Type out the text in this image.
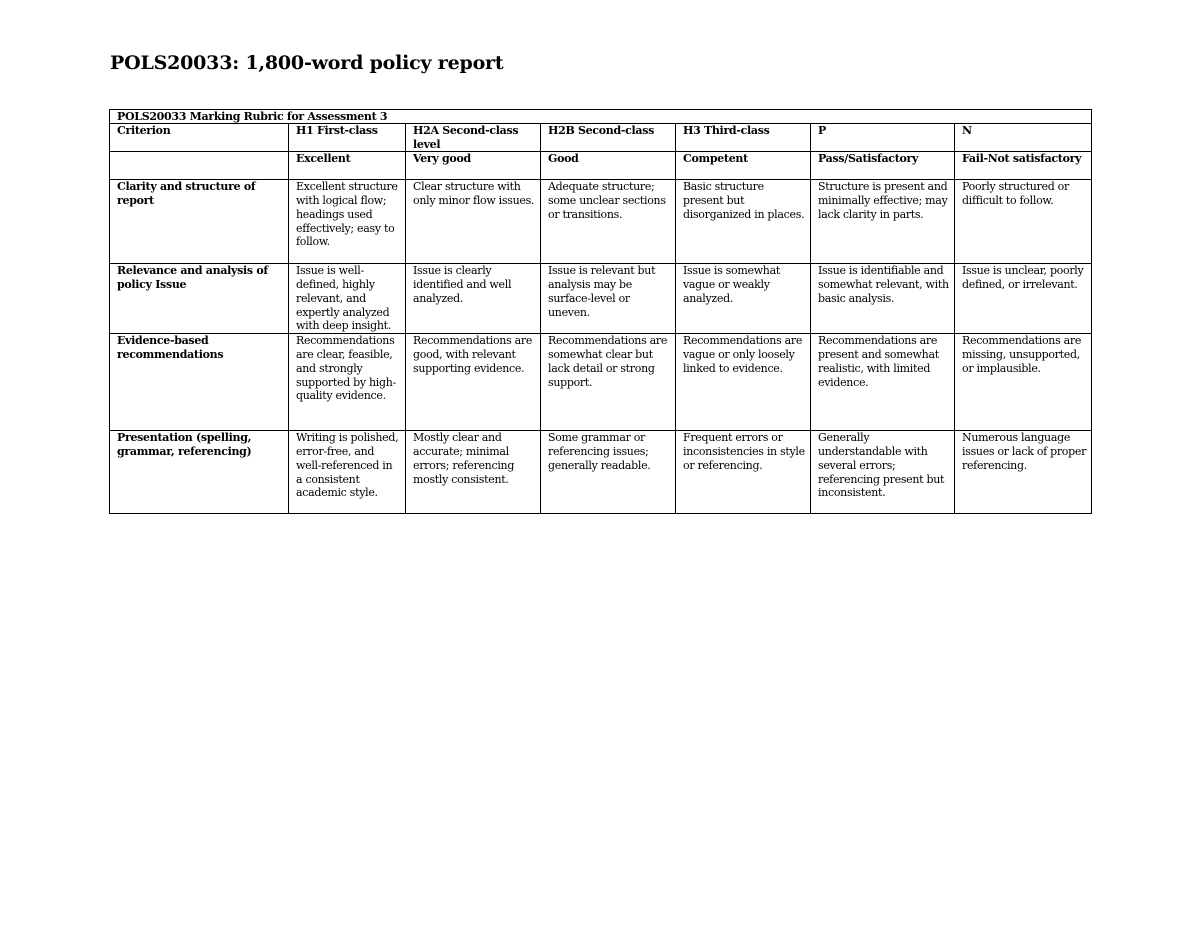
POLS20033: 1,800-word policy report
POLS20033 Marking Rubric for Assessment 3						
Criterion	H1 First-class	H2A Second-class level	H2B Second-class	H3 Third-class	P	N
	Excellent	Very good	Good	Competent	Pass/Satisfactory	Fail-Not satisfactory
Clarity and structure of report	Excellent structure with logical flow; headings used effectively; easy to follow.	Clear structure with only minor flow issues.	Adequate structure; some unclear sections or transitions.	Basic structure present but disorganized in places.	Structure is present and minimally effective; may lack clarity in parts.	Poorly structured or difficult to follow.
Relevance and analysis of policy Issue	Issue is well-defined, highly relevant, and expertly analyzed with deep insight.	Issue is clearly identified and well analyzed.	Issue is relevant but analysis may be surface-level or uneven.	Issue is somewhat vague or weakly analyzed.	Issue is identifiable and somewhat relevant, with basic analysis.	Issue is unclear, poorly defined, or irrelevant.
Evidence-based recommendations	Recommendations are clear, feasible, and strongly supported by high-quality evidence.	Recommendations are good, with relevant supporting evidence.	Recommendations are somewhat clear but lack detail or strong support.	Recommendations are vague or only loosely linked to evidence.	Recommendations are present and somewhat realistic, with limited evidence.	Recommendations are missing, unsupported, or implausible.
Presentation (spelling, grammar, referencing)	Writing is polished, error-free, and well-referenced in a consistent academic style.	Mostly clear and accurate; minimal errors; referencing mostly consistent.	Some grammar or referencing issues; generally readable.	Frequent errors or inconsistencies in style or referencing.	Generally understandable with several errors; referencing present but inconsistent.	Numerous language issues or lack of proper referencing.
